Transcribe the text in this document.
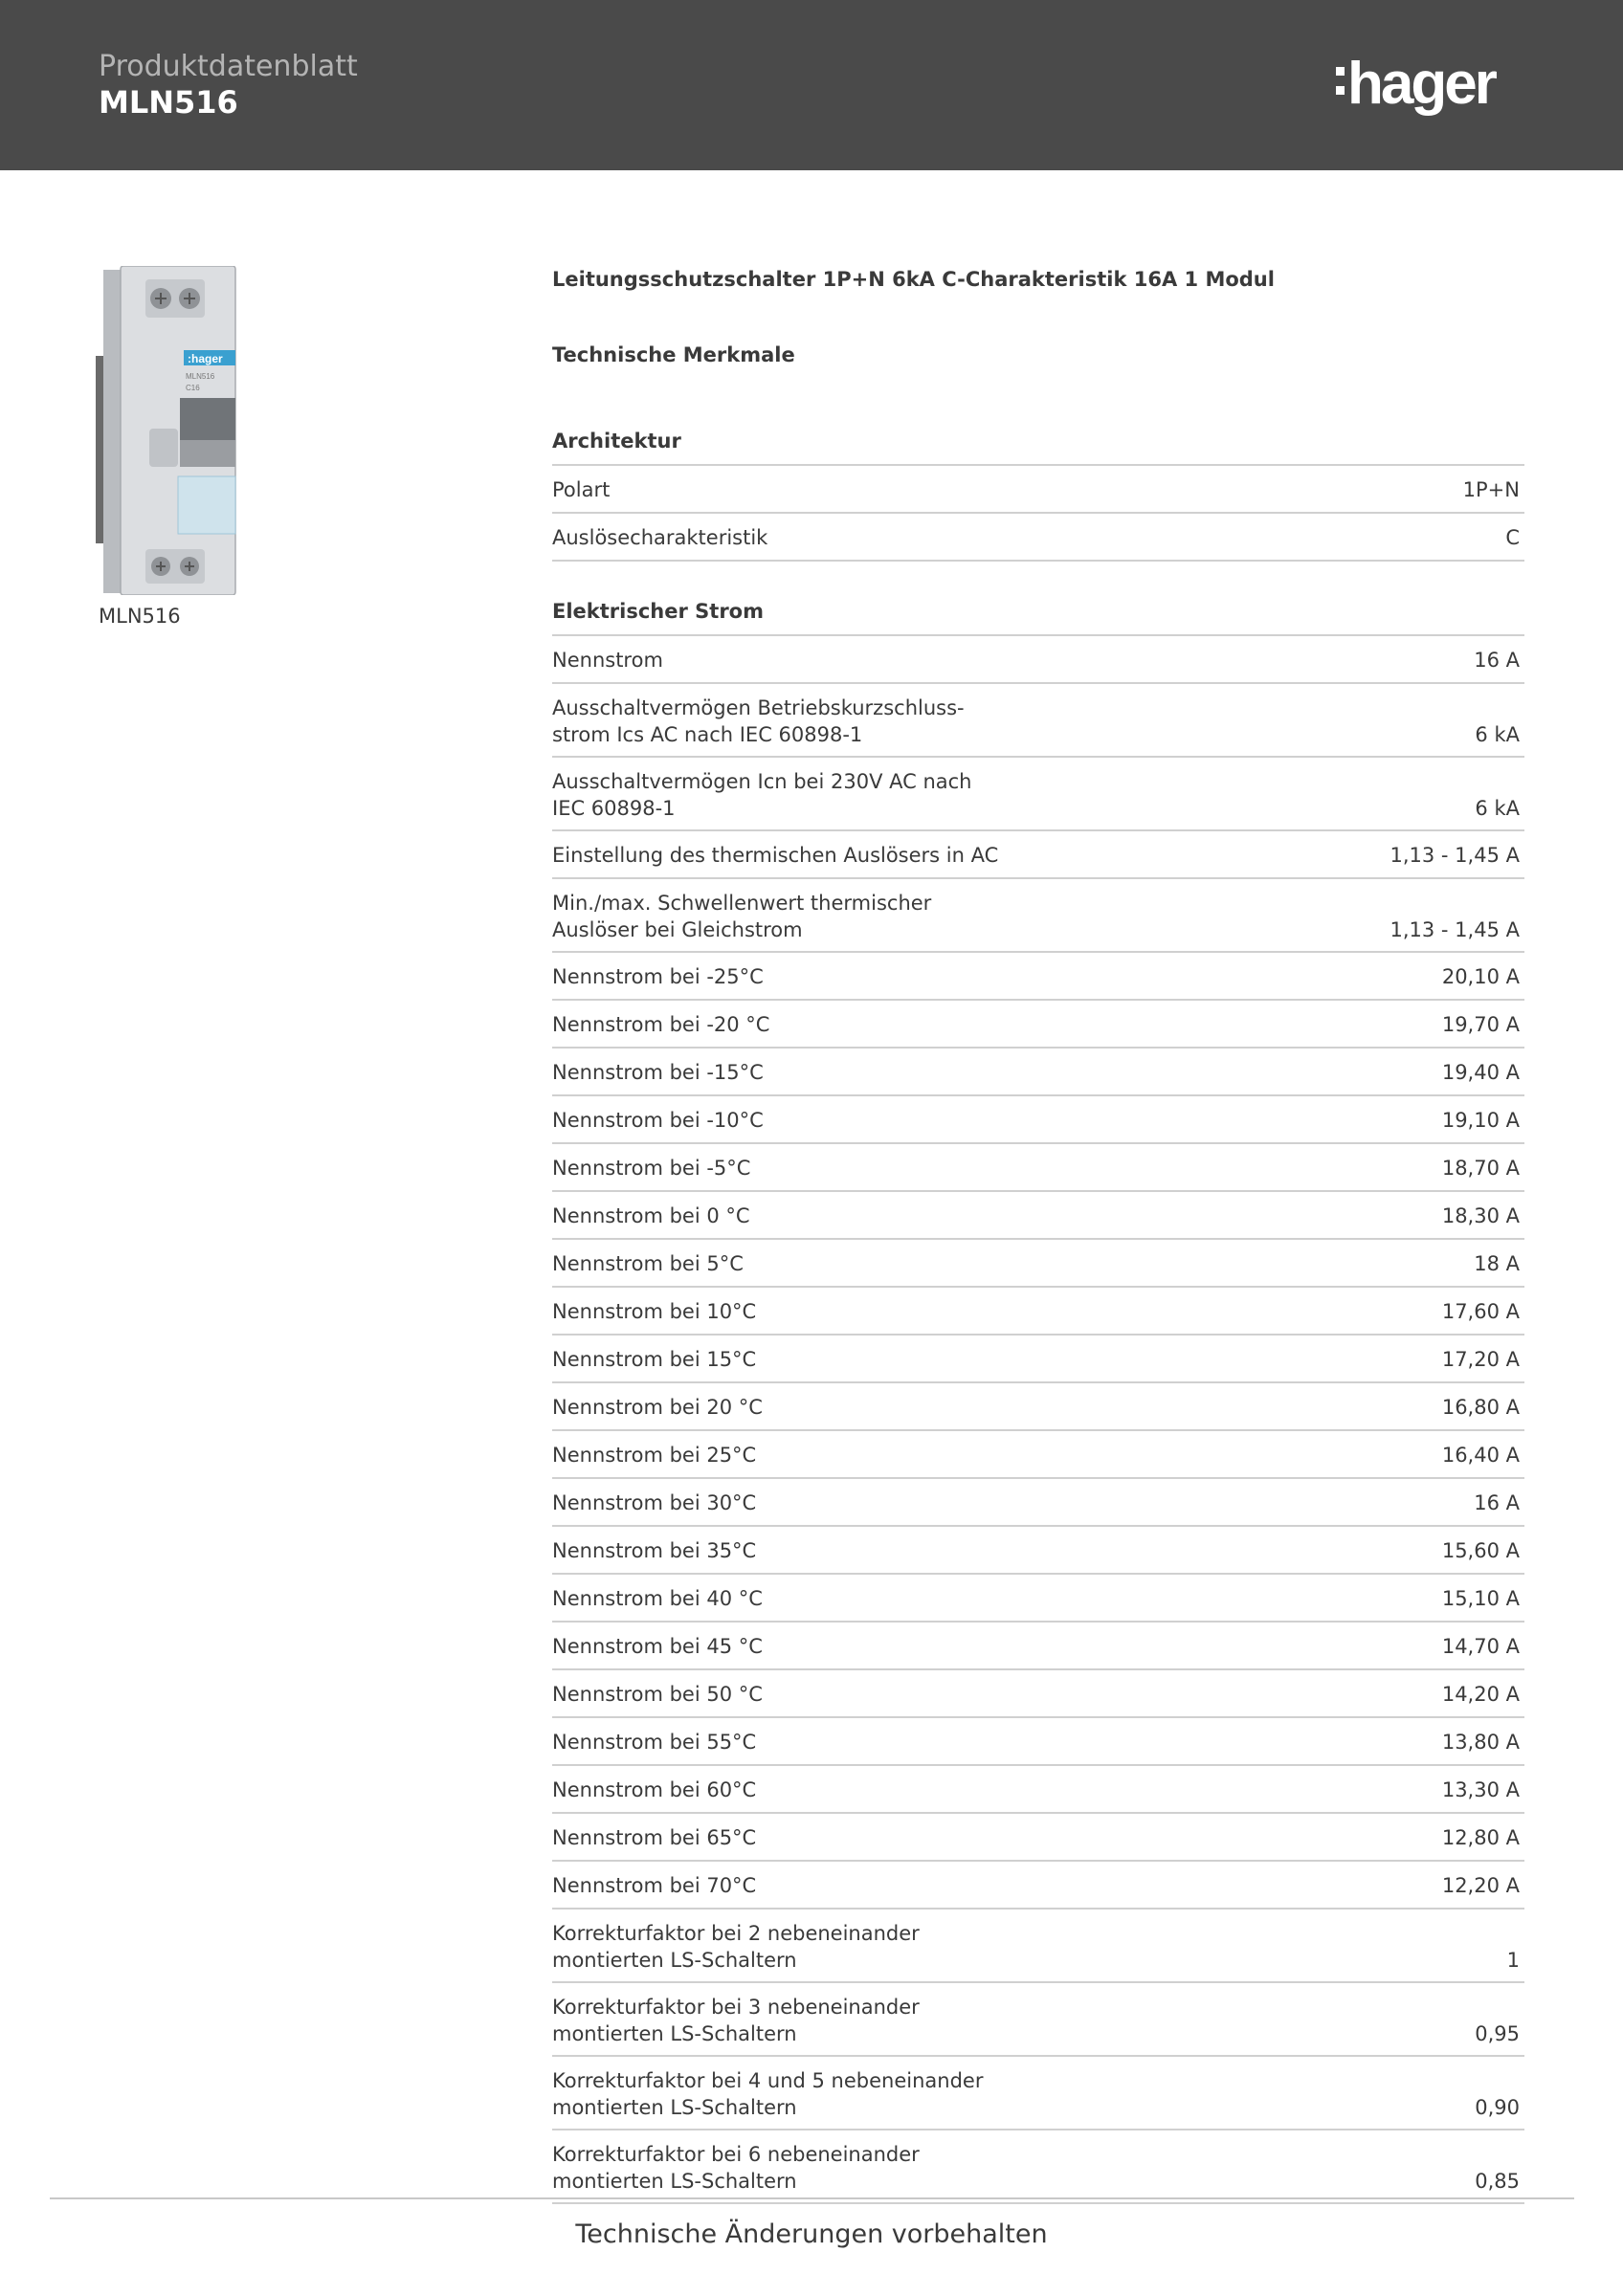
Produktdatenblatt
MLN516	hager
:hager
MLN516
C16
MLN516
Leitungsschutzschalter 1P+N 6kA C-Charakteristik 16A 1 Modul
Technische Merkmale
Architektur
Polart	1P+N
Auslösecharakteristik	C
Elektrischer Strom
Nennstrom	16 A
Ausschaltvermögen Betriebskurzschluss-
strom Ics AC nach IEC 60898-1	6 kA
Ausschaltvermögen Icn bei 230V AC nach
IEC 60898-1	6 kA
Einstellung des thermischen Auslösers in AC	1,13 - 1,45 A
Min./max. Schwellenwert thermischer
Auslöser bei Gleichstrom	1,13 - 1,45 A
Nennstrom bei -25°C	20,10 A
Nennstrom bei -20 °C	19,70 A
Nennstrom bei -15°C	19,40 A
Nennstrom bei -10°C	19,10 A
Nennstrom bei -5°C	18,70 A
Nennstrom bei 0 °C	18,30 A
Nennstrom bei 5°C	18 A
Nennstrom bei 10°C	17,60 A
Nennstrom bei 15°C	17,20 A
Nennstrom bei 20 °C	16,80 A
Nennstrom bei 25°C	16,40 A
Nennstrom bei 30°C	16 A
Nennstrom bei 35°C	15,60 A
Nennstrom bei 40 °C	15,10 A
Nennstrom bei 45 °C	14,70 A
Nennstrom bei 50 °C	14,20 A
Nennstrom bei 55°C	13,80 A
Nennstrom bei 60°C	13,30 A
Nennstrom bei 65°C	12,80 A
Nennstrom bei 70°C	12,20 A
Korrekturfaktor bei 2 nebeneinander
montierten LS-Schaltern	1
Korrekturfaktor bei 3 nebeneinander
montierten LS-Schaltern	0,95
Korrekturfaktor bei 4 und 5 nebeneinander
montierten LS-Schaltern	0,90
Korrekturfaktor bei 6 nebeneinander
montierten LS-Schaltern	0,85
Technische Änderungen vorbehalten
